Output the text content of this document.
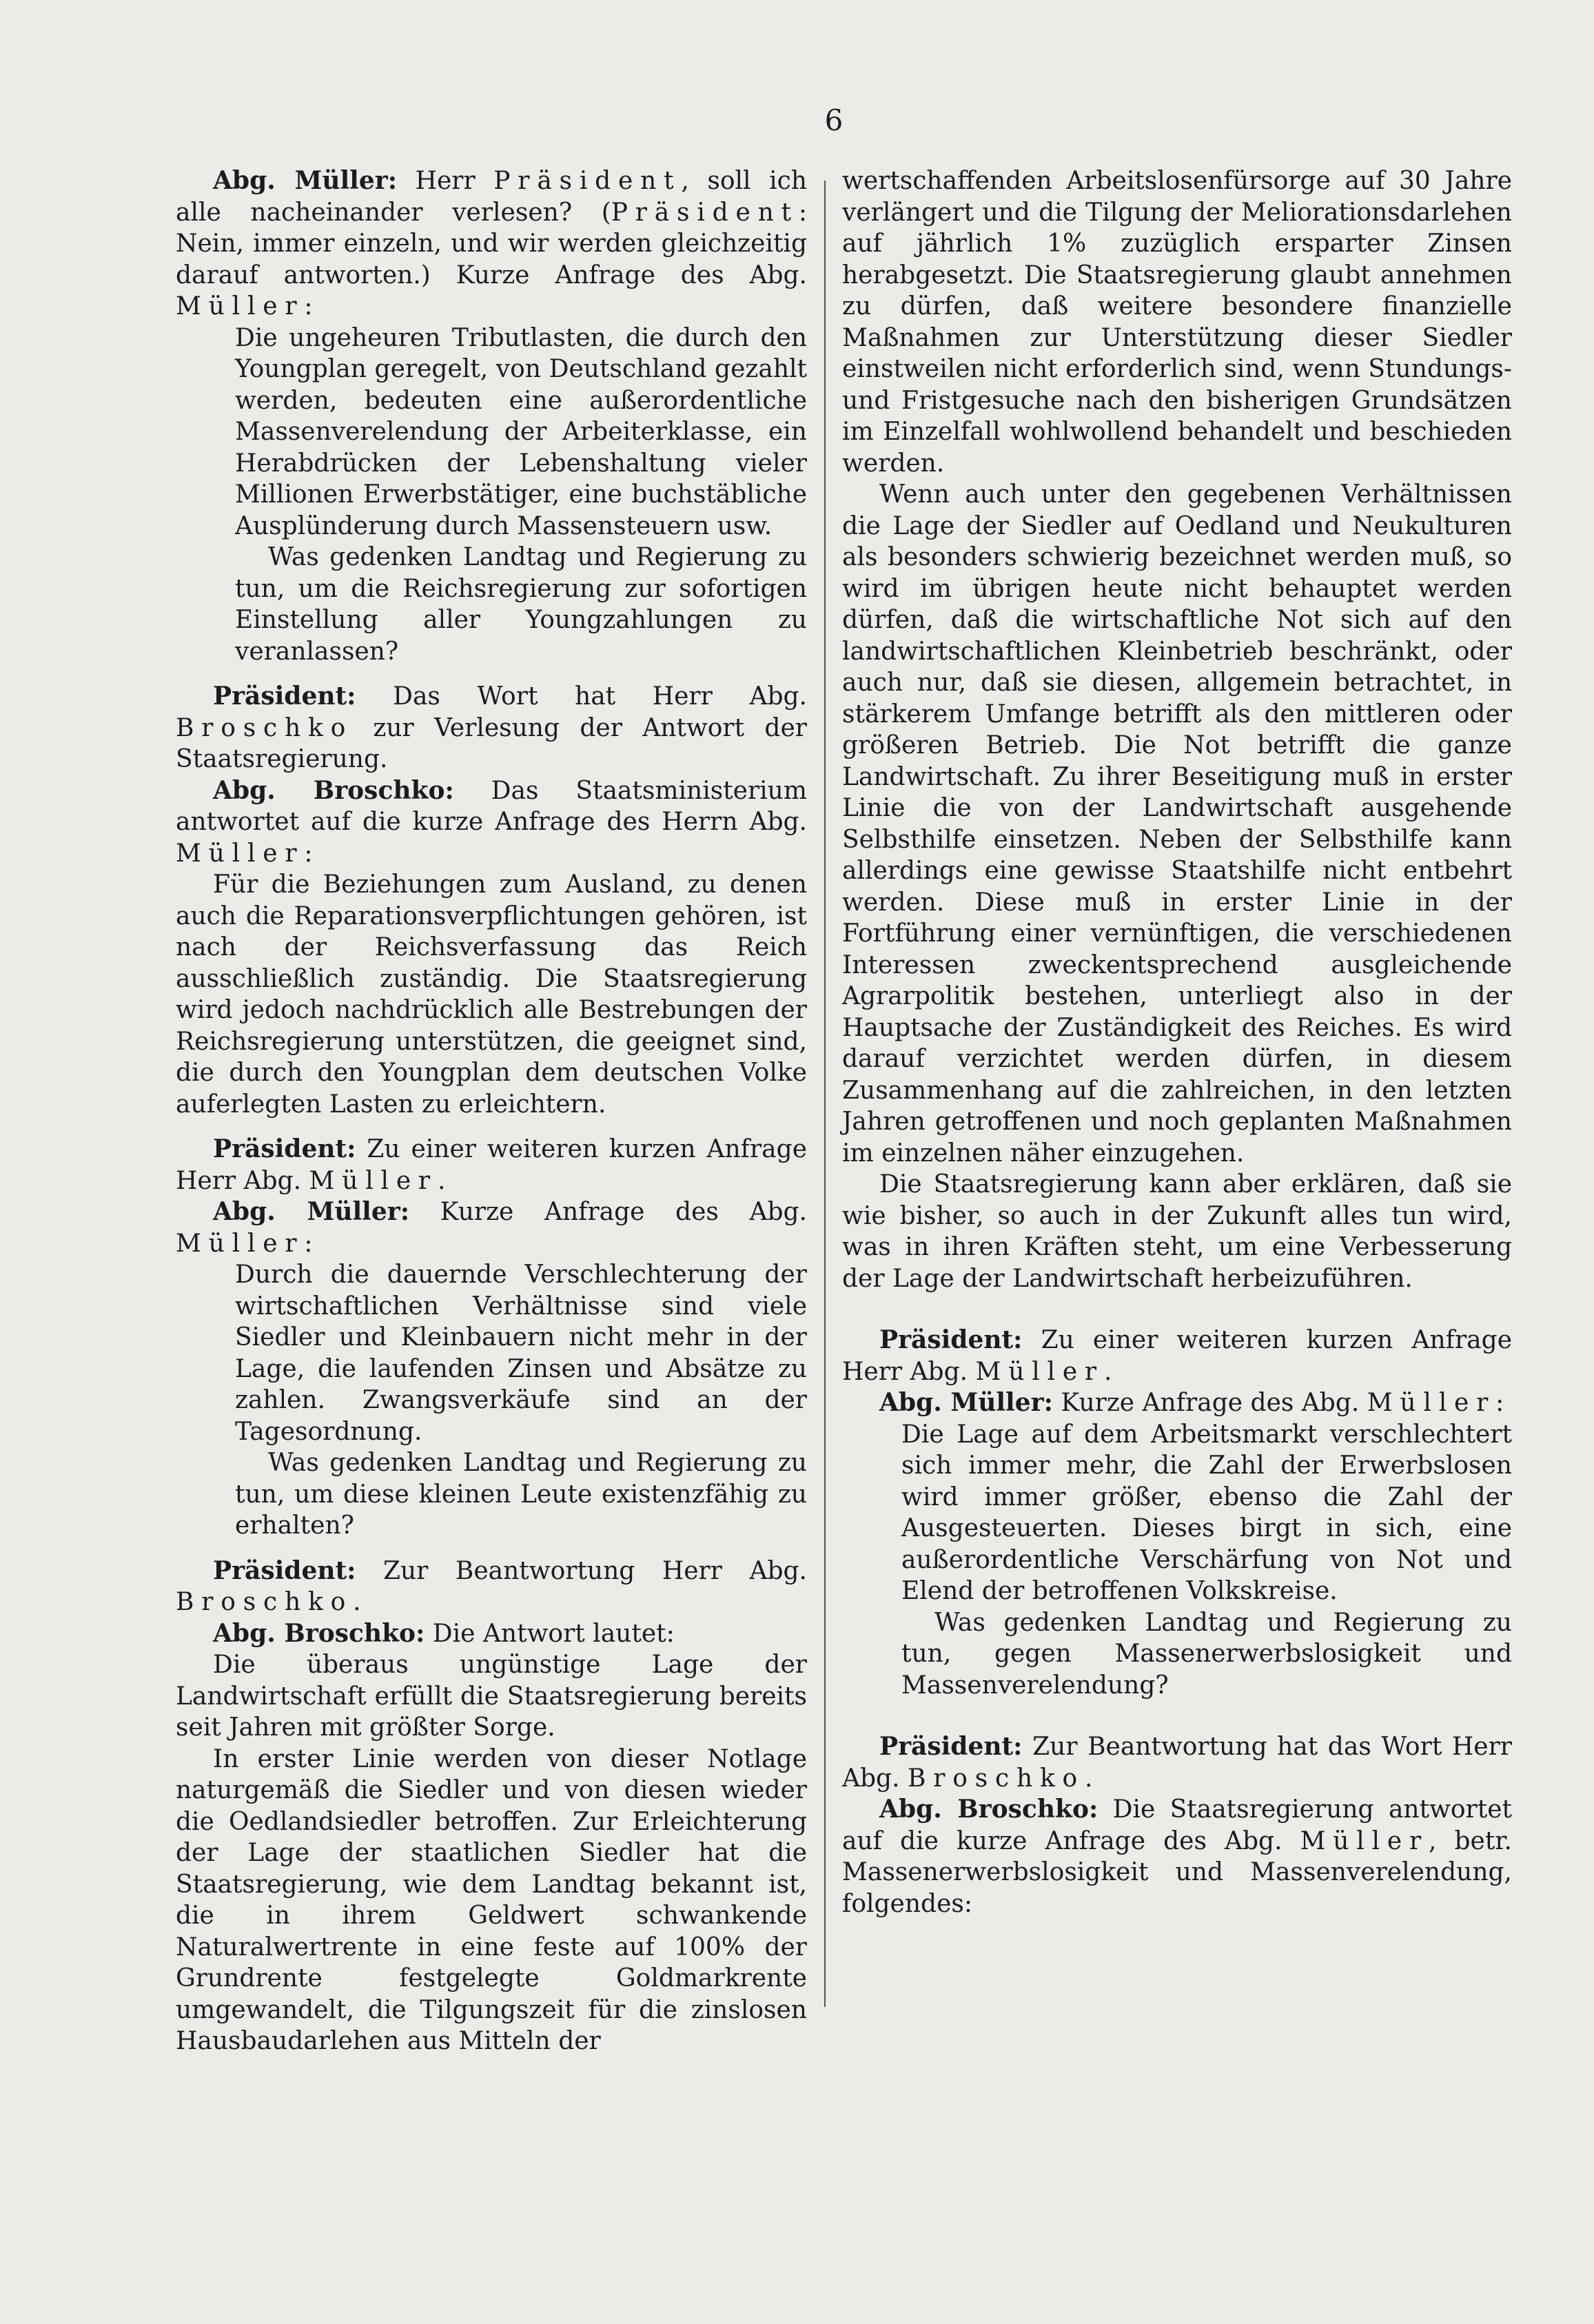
6

Abg. Müller: Herr Präsident, soll ich alle nacheinander verlesen? (Präsident: Nein, immer einzeln, und wir werden gleichzeitig darauf antworten.) Kurze Anfrage des Abg. Müller:

Die ungeheuren Tributlasten, die durch den Youngplan geregelt, von Deutschland gezahlt werden, bedeuten eine außerordentliche Massenverelendung der Arbeiterklasse, ein Herabdrücken der Lebenshaltung vieler Millionen Erwerbstätiger, eine buchstäbliche Ausplünderung durch Massensteuern usw.

Was gedenken Landtag und Regierung zu tun, um die Reichsregierung zur sofortigen Einstellung aller Youngzahlungen zu veranlassen?

Präsident: Das Wort hat Herr Abg. Broschko zur Verlesung der Antwort der Staatsregierung.

Abg. Broschko: Das Staatsministerium antwortet auf die kurze Anfrage des Herrn Abg. Müller:

Für die Beziehungen zum Ausland, zu denen auch die Reparationsverpflichtungen gehören, ist nach der Reichsverfassung das Reich ausschließlich zuständig. Die Staatsregierung wird jedoch nachdrücklich alle Bestrebungen der Reichsregierung unterstützen, die geeignet sind, die durch den Youngplan dem deutschen Volke auferlegten Lasten zu erleichtern.

Präsident: Zu einer weiteren kurzen Anfrage Herr Abg. Müller.

Abg. Müller: Kurze Anfrage des Abg. Müller:

Durch die dauernde Verschlechterung der wirtschaftlichen Verhältnisse sind viele Siedler und Kleinbauern nicht mehr in der Lage, die laufenden Zinsen und Absätze zu zahlen. Zwangsverkäufe sind an der Tagesordnung.

Was gedenken Landtag und Regierung zu tun, um diese kleinen Leute existenzfähig zu erhalten?

Präsident: Zur Beantwortung Herr Abg. Broschko.

Abg. Broschko: Die Antwort lautet:

Die überaus ungünstige Lage der Landwirtschaft erfüllt die Staatsregierung bereits seit Jahren mit größter Sorge.

In erster Linie werden von dieser Notlage naturgemäß die Siedler und von diesen wieder die Oedlandsiedler betroffen. Zur Erleichterung der Lage der staatlichen Siedler hat die Staatsregierung, wie dem Landtag bekannt ist, die in ihrem Geldwert schwankende Naturalwertrente in eine feste auf 100% der Grundrente festgelegte Goldmarkrente umgewandelt, die Tilgungszeit für die zinslosen Hausbaudarlehen aus Mitteln der

wertschaffenden Arbeitslosenfürsorge auf 30 Jahre verlängert und die Tilgung der Meliorationsdarlehen auf jährlich 1% zuzüglich ersparter Zinsen herabgesetzt. Die Staatsregierung glaubt annehmen zu dürfen, daß weitere besondere finanzielle Maßnahmen zur Unterstützung dieser Siedler einstweilen nicht erforderlich sind, wenn Stundungs- und Fristgesuche nach den bisherigen Grundsätzen im Einzelfall wohlwollend behandelt und beschieden werden.

Wenn auch unter den gegebenen Verhältnissen die Lage der Siedler auf Oedland und Neukulturen als besonders schwierig bezeichnet werden muß, so wird im übrigen heute nicht behauptet werden dürfen, daß die wirtschaftliche Not sich auf den landwirtschaftlichen Kleinbetrieb beschränkt, oder auch nur, daß sie diesen, allgemein betrachtet, in stärkerem Umfange betrifft als den mittleren oder größeren Betrieb. Die Not betrifft die ganze Landwirtschaft. Zu ihrer Beseitigung muß in erster Linie die von der Landwirtschaft ausgehende Selbsthilfe einsetzen. Neben der Selbsthilfe kann allerdings eine gewisse Staatshilfe nicht entbehrt werden. Diese muß in erster Linie in der Fortführung einer vernünftigen, die verschiedenen Interessen zweckentsprechend ausgleichende Agrarpolitik bestehen, unterliegt also in der Hauptsache der Zuständigkeit des Reiches. Es wird darauf verzichtet werden dürfen, in diesem Zusammenhang auf die zahlreichen, in den letzten Jahren getroffenen und noch geplanten Maßnahmen im einzelnen näher einzugehen.

Die Staatsregierung kann aber erklären, daß sie wie bisher, so auch in der Zukunft alles tun wird, was in ihren Kräften steht, um eine Verbesserung der Lage der Landwirtschaft herbeizuführen.

Präsident: Zu einer weiteren kurzen Anfrage Herr Abg. Müller.

Abg. Müller: Kurze Anfrage des Abg. Müller:

Die Lage auf dem Arbeitsmarkt verschlechtert sich immer mehr, die Zahl der Erwerbslosen wird immer größer, ebenso die Zahl der Ausgesteuerten. Dieses birgt in sich, eine außerordentliche Verschärfung von Not und Elend der betroffenen Volkskreise.

Was gedenken Landtag und Regierung zu tun, gegen Massenerwerbslosigkeit und Massenverelendung?

Präsident: Zur Beantwortung hat das Wort Herr Abg. Broschko.

Abg. Broschko: Die Staatsregierung antwortet auf die kurze Anfrage des Abg. Müller, betr. Massenerwerbslosigkeit und Massenverelendung, folgendes:
